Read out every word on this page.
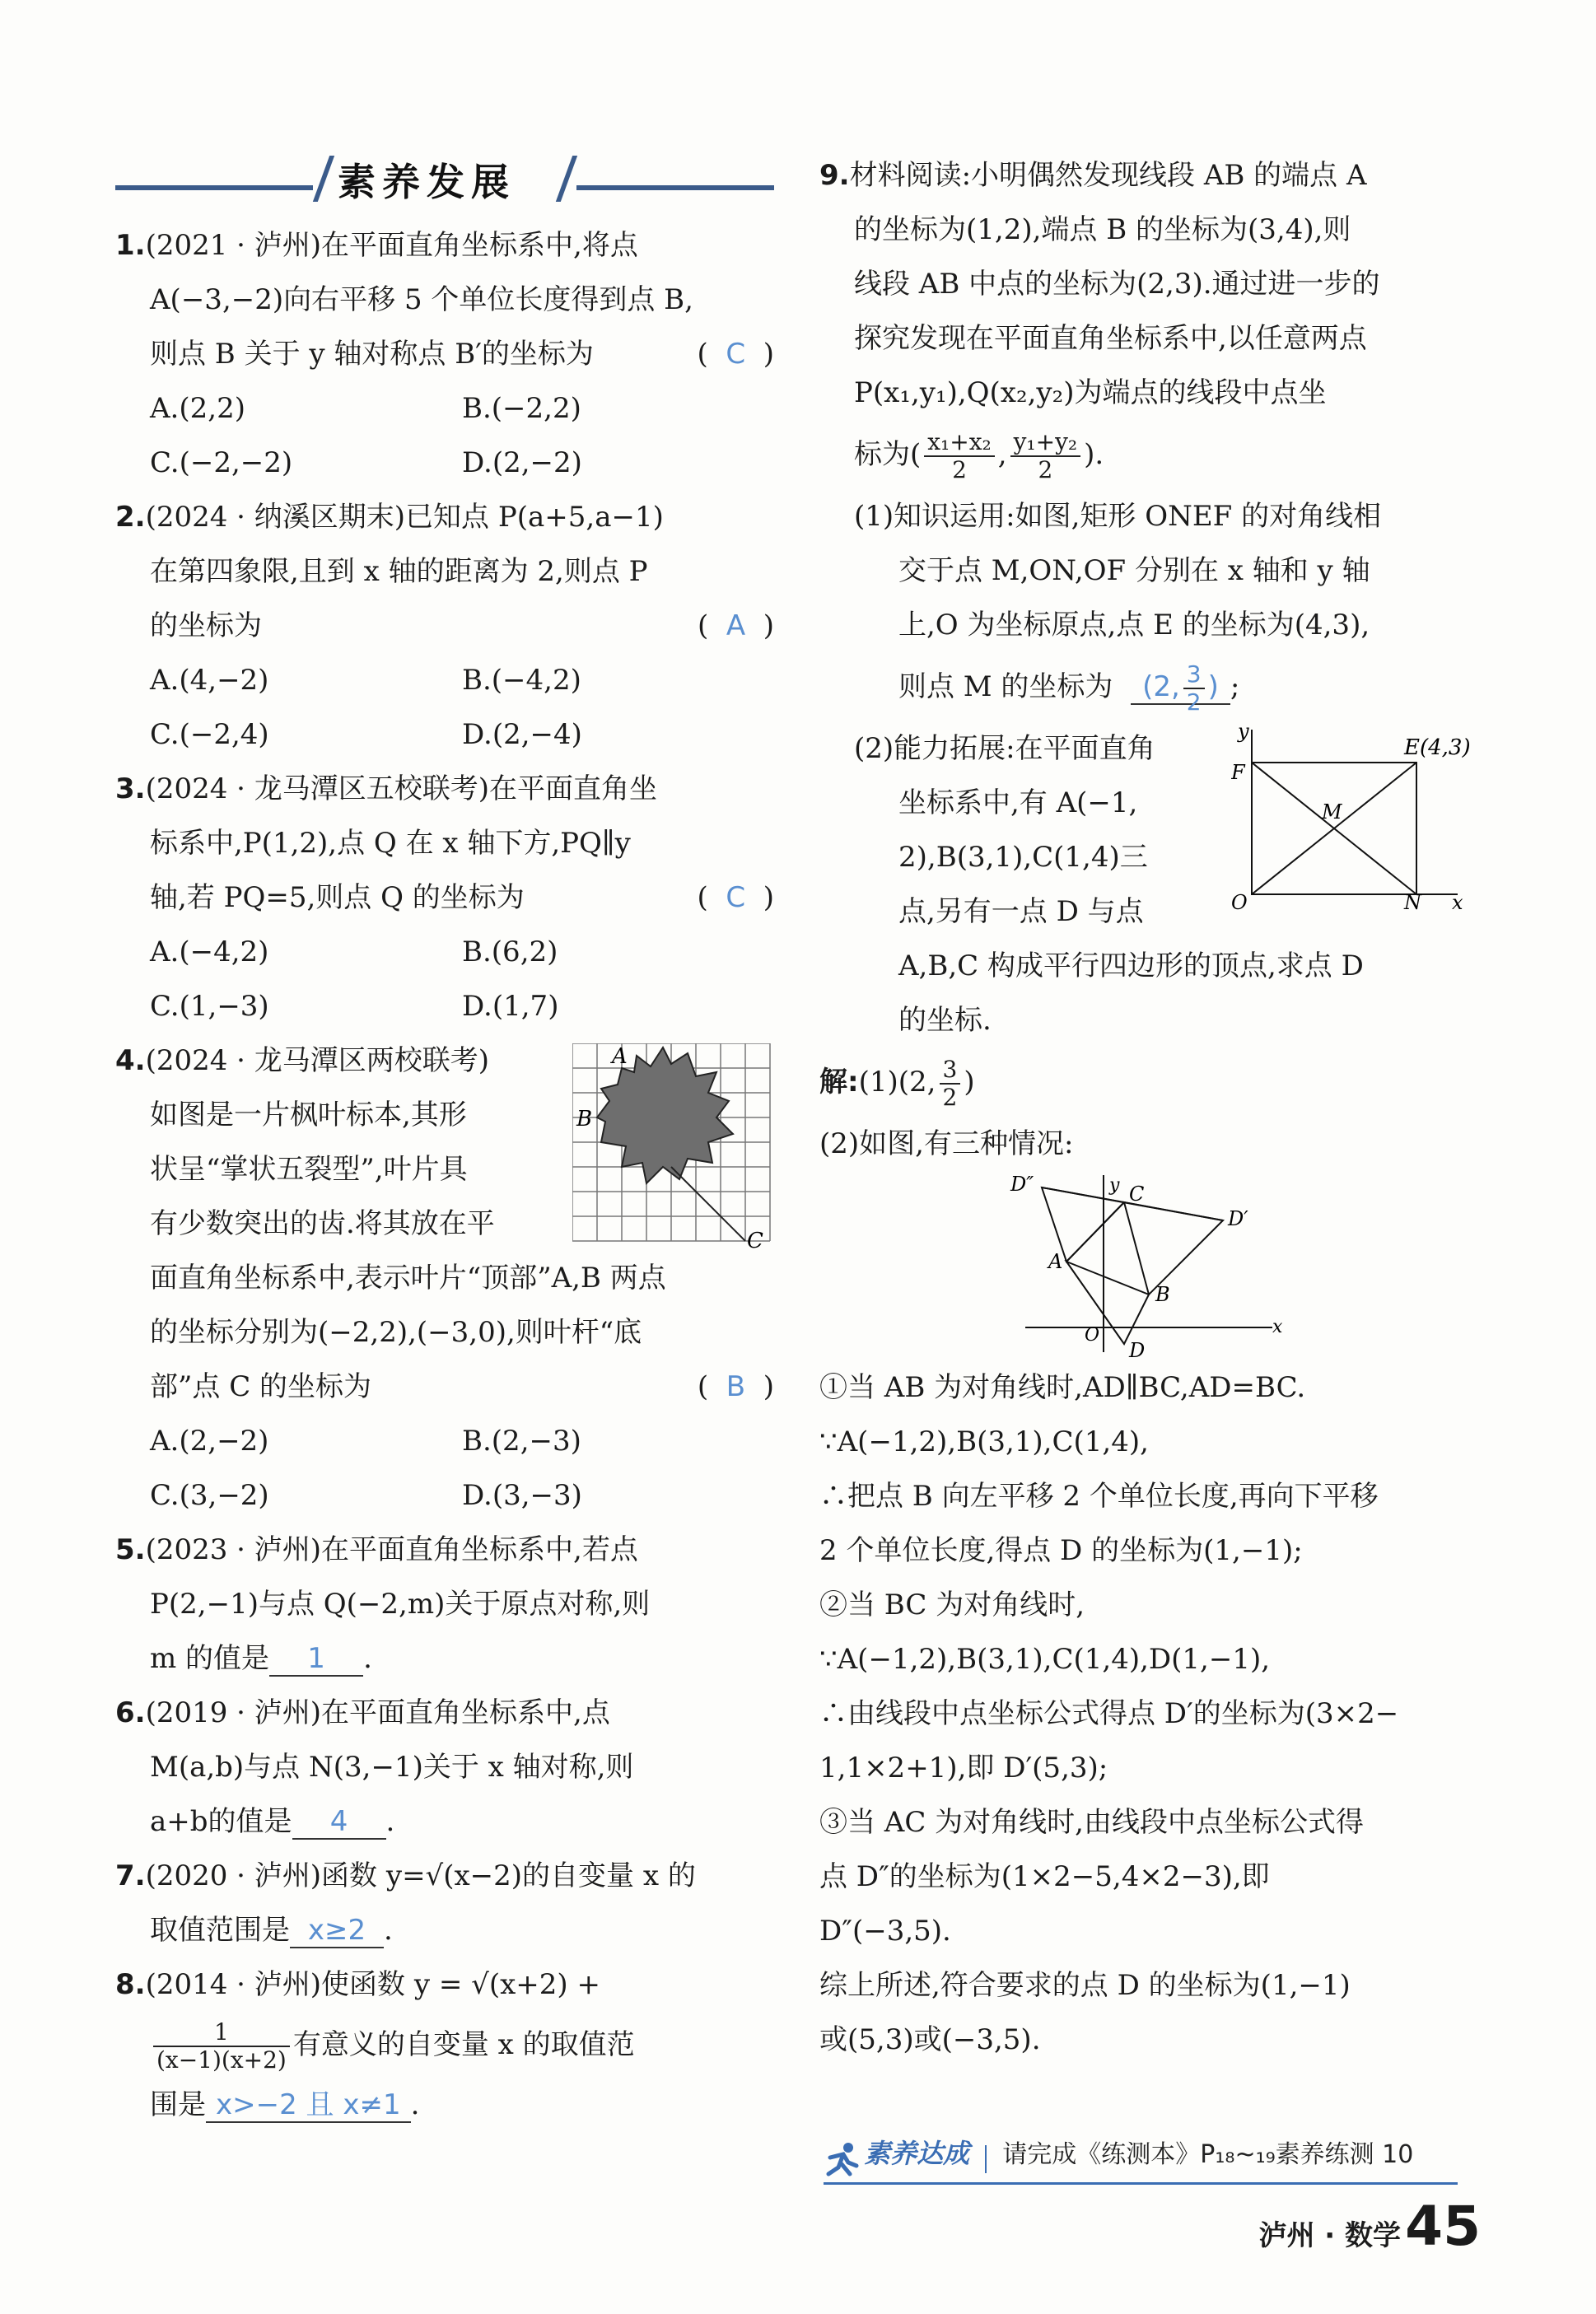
素养发展
1.(2021 · 泸州)在平面直角坐标系中,将点
A(−3,−2)向右平移 5 个单位长度得到点 B,
则点 B 关于 y 轴对称点 B′的坐标为	(  C  )
A.(2,2)	B.(−2,2)
C.(−2,−2)	D.(2,−2)
2.(2024 · 纳溪区期末)已知点 P(a+5,a−1)
在第四象限,且到 x 轴的距离为 2,则点 P
的坐标为	(  A  )
A.(4,−2)	B.(−4,2)
C.(−2,4)	D.(2,−4)
3.(2024 · 龙马潭区五校联考)在平面直角坐
标系中,P(1,2),点 Q 在 x 轴下方,PQ∥y
轴,若 PQ=5,则点 Q 的坐标为	(  C  )
A.(−4,2)	B.(6,2)
C.(1,−3)	D.(1,7)
A
B
C
4.(2024 · 龙马潭区两校联考)
如图是一片枫叶标本,其形
状呈“掌状五裂型”,叶片具
有少数突出的齿.将其放在平
面直角坐标系中,表示叶片“顶部”A,B 两点
的坐标分别为(−2,2),(−3,0),则叶杆“底
部”点 C 的坐标为	(  B  )
A.(2,−2)	B.(2,−3)
C.(3,−2)	D.(3,−3)
5.(2023 · 泸州)在平面直角坐标系中,若点
P(2,−1)与点 Q(−2,m)关于原点对称,则
m 的值是 1 .
6.(2019 · 泸州)在平面直角坐标系中,点
M(a,b)与点 N(3,−1)关于 x 轴对称,则
a+b的值是 4 .
7.(2020 · 泸州)函数 y=√(x−2)的自变量 x 的
取值范围是 x≥2 .
8.(2014 · 泸州)使函数 y = √(x+2) +
$\frac{1}{(x-1)(x+2)}$ 有意义的自变量 x 的取值范
围是 x>−2 且 x≠1 .
9.材料阅读:小明偶然发现线段 AB 的端点 A
的坐标为(1,2),端点 B 的坐标为(3,4),则
线段 AB 中点的坐标为(2,3).通过进一步的
探究发现在平面直角坐标系中,以任意两点
P(x₁,y₁),Q(x₂,y₂)为端点的线段中点坐
标为( $\frac{\text{x₁+x₂}}{2}$ , $\frac{\text{y₁+y₂}}{2}$ ).
(1)知识运用:如图,矩形 ONEF 的对角线相
交于点 M,ON,OF 分别在 x 轴和 y 轴
上,O 为坐标原点,点 E 的坐标为(4,3),
则点 M 的坐标为 (2, $\frac{3}{2}$ ) ;
y
F
E(4,3)
M
O	N x
(2)能力拓展:在平面直角
坐标系中,有 A(−1,
2),B(3,1),C(1,4)三
点,另有一点 D 与点
A,B,C 构成平行四边形的顶点,求点 D
的坐标.
解:(1)(2, $\frac{3}{2}$ )
(2)如图,有三种情况:
D″	y C
D′
A
B
O
D
x
①当 AB 为对角线时,AD∥BC,AD=BC.
∵A(−1,2),B(3,1),C(1,4),
∴把点 B 向左平移 2 个单位长度,再向下平移
2 个单位长度,得点 D 的坐标为(1,−1);
②当 BC 为对角线时,
∵A(−1,2),B(3,1),C(1,4),D(1,−1),
∴由线段中点坐标公式得点 D′的坐标为(3×2−
1,1×2+1),即 D′(5,3);
③当 AC 为对角线时,由线段中点坐标公式得
点 D″的坐标为(1×2−5,4×2−3),即
D″(−3,5).
综上所述,符合要求的点 D 的坐标为(1,−1)
或(5,3)或(−3,5).
素养达成 请完成《练测本》P₁₈~₁₉素养练测 10
泸州 · 数学 45
